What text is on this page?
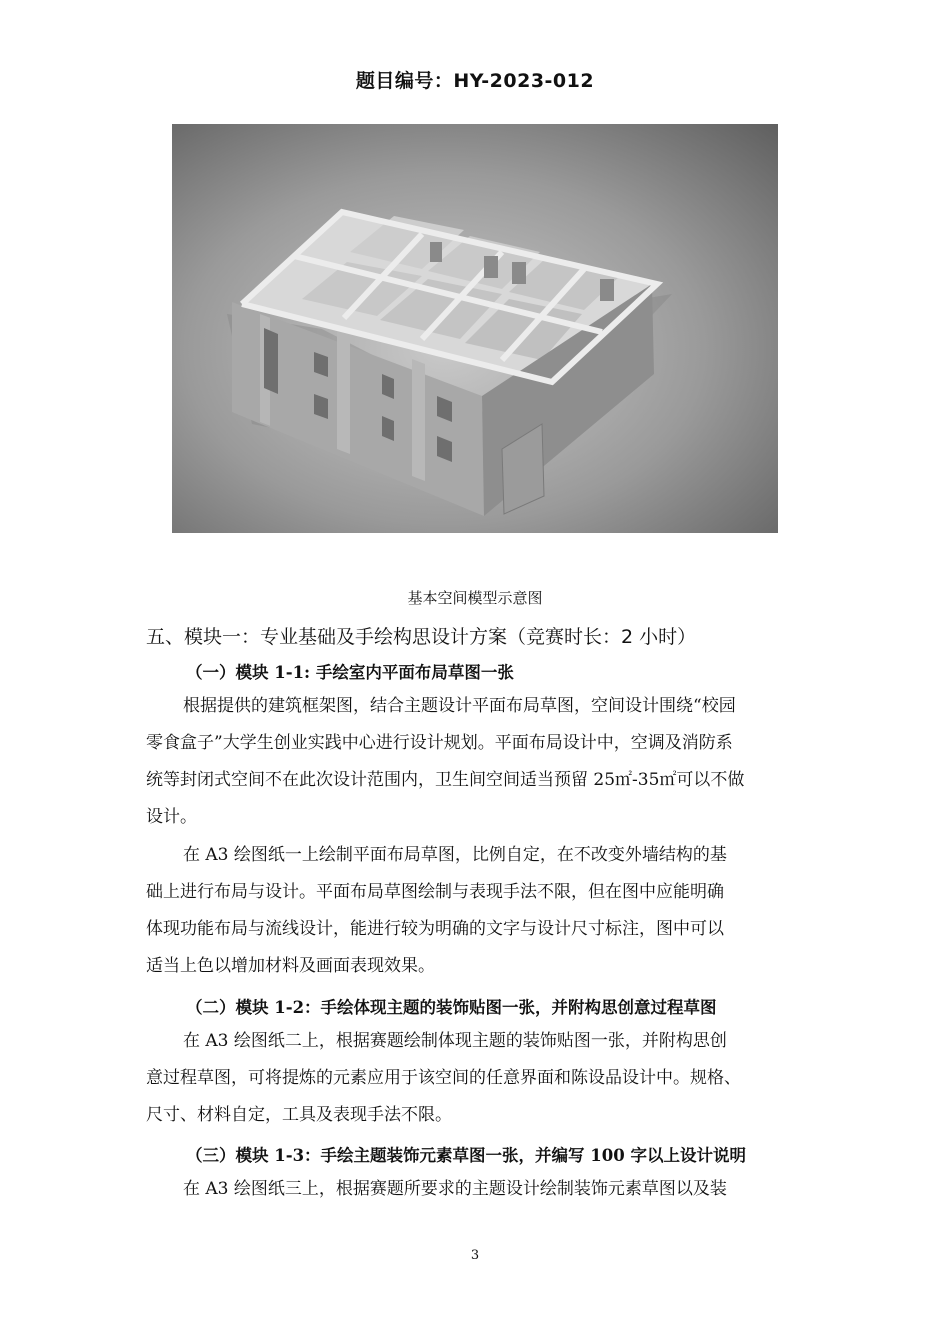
题目编号：HY-2023-012
基本空间模型示意图
五、模块一：专业基础及手绘构思设计方案（竞赛时长：2 小时）
（一）模块 1-1: 手绘室内平面布局草图一张
根据提供的建筑框架图，结合主题设计平面布局草图，空间设计围绕“校园
零食盒子”大学生创业实践中心进行设计规划。平面布局设计中，空调及消防系
统等封闭式空间不在此次设计范围内，卫生间空间适当预留 25㎡-35㎡可以不做
设计。
在 A3 绘图纸一上绘制平面布局草图，比例自定，在不改变外墙结构的基
础上进行布局与设计。平面布局草图绘制与表现手法不限，但在图中应能明确
体现功能布局与流线设计，能进行较为明确的文字与设计尺寸标注，图中可以
适当上色以增加材料及画面表现效果。
（二）模块 1-2：手绘体现主题的装饰贴图一张，并附构思创意过程草图
在 A3 绘图纸二上，根据赛题绘制体现主题的装饰贴图一张，并附构思创
意过程草图，可将提炼的元素应用于该空间的任意界面和陈设品设计中。规格、
尺寸、材料自定，工具及表现手法不限。
（三）模块 1-3：手绘主题装饰元素草图一张，并编写 100 字以上设计说明
在 A3 绘图纸三上，根据赛题所要求的主题设计绘制装饰元素草图以及装
3
